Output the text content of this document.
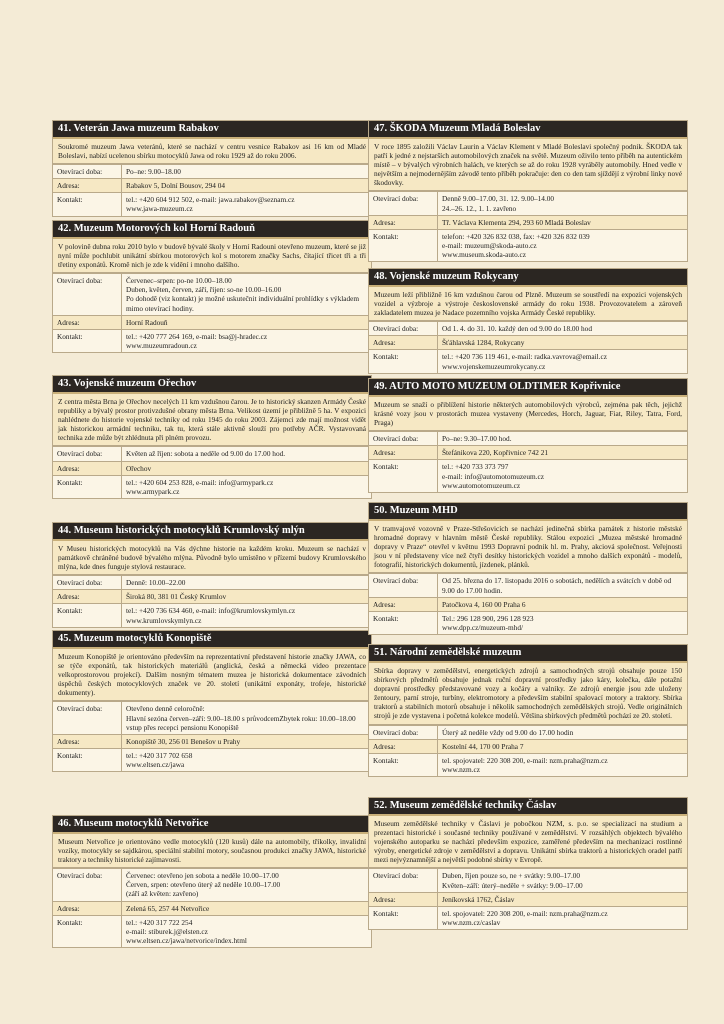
41. Veterán Jawa muzeum Rabakov
Soukromé muzeum Jawa veteránů, které se nachází v centru vesnice Rabakov asi 16 km od Mladé Boleslavi, nabízí ucelenou sbírku motocyklů Jawa od roku 1929 až do roku 2006.
Otevírací doba:	Po–ne: 9.00–18.00
Adresa:	Rabakov 5, Dolní Bousov, 294 04
Kontakt:	tel.: +420 604 912 502, e-mail: jawa.rabakov@seznam.cz
www.jawa-muzeum.cz
42. Muzeum Motorových kol Horní Radouň
V polovině dubna roku 2010 bylo v budově bývalé školy v Horní Radouni otevřeno muzeum, které se již nyní může pochlubit unikátní sbírkou motorových kol s motorem značky Sachs, čítající třicet tři a tři třetiny exponátů. Kromě nich je zde k vidění i mnoho dalšího.
Otevírací doba:	Červenec–srpen: po-ne 10.00–18.00
Duben, květen, červen, září, říjen: so-ne 10.00–16.00
Po dohodě (viz kontakt) je možné uskutečnit individuální prohlídky s výkladem mimo otevírací hodiny.
Adresa:	Horní Radouň
Kontakt:	tel.: +420 777 264 169, e-mail: bsa@j-hradec.cz
www.muzeumradoun.cz
43. Vojenské muzeum Ořechov
Z centra města Brna je Ořechov necelých 11 km vzdušnou čarou. Je to historický skanzen Armády České republiky a bývalý prostor protivzdušné obrany města Brna. Velikost území je přibližně 5 ha. V expozici nahlédnete do historie vojenské techniky od roku 1945 do roku 2003. Zájemci zde mají možnost vidět jak historickou armádní techniku, tak tu, která stále aktivně slouží pro potřeby AČR. Vystavovaná technika zde může být zhlédnuta při plném provozu.
Otevírací doba:	Květen až říjen: sobota a neděle od 9.00 do 17.00 hod.
Adresa:	Ořechov
Kontakt:	tel.: +420 604 253 828, e-mail: info@armypark.cz
www.armypark.cz
44. Museum historických motocyklů Krumlovský mlýn
V Museu historických motocyklů na Vás dýchne historie na každém kroku. Muzeum se nachází v památkově chráněné budově bývalého mlýna. Původně bylo umístěno v přízemí budovy Krumlovského mlýna, kde dnes funguje stylová restaurace.
Otevírací doba:	Denně: 10.00–22.00
Adresa:	Široká 80, 381 01 Český Krumlov
Kontakt:	tel.: +420 736 634 460, e-mail: info@krumlovskymlyn.cz
www.krumlovskymlyn.cz
45. Muzeum motocyklů Konopiště
Muzeum Konopiště je orientováno především na reprezentativní představení historie značky JAWA, co se týče exponátů, tak historických materiálů (anglická, česká a německá video prezentace velkoprostorovou projekcí). Dalším nosným tématem muzea je historická dokumentace závodních úspěchů českých motocyklových značek ve 20. století (unikátní exponáty, trofeje, historické dokumenty).
Otevírací doba:	Otevřeno denně celoročně:
Hlavní sezóna červen–září: 9.00–18.00 s průvodcemZbytek roku: 10.00–18.00 vstup přes recepci pensionu Konopiště
Adresa:	Konopiště 30, 256 01 Benešov u Prahy
Kontakt:	tel.: +420 317 702 658
www.eltsen.cz/jawa
46. Museum motocyklů Netvořice
Museum Netvořice je orientováno vedle motocyklů (120 kusů) dále na automobily, tříkolky, invalidní vozíky, motocykly se sajdkárou, speciální stabilní motory, současnou produkci značky JAWA, historické traktory a techniky historické zajímavosti.
Otevírací doba:	Červenec: otevřeno jen sobota a neděle 10.00–17.00
Červen, srpen: otevřeno úterý až neděle 10.00–17.00
(září až květen: zavřeno)
Adresa:	Zelená 65, 257 44 Netvořice
Kontakt:	tel.: +420 317 722 254
e-mail: stiburek.j@elsten.cz
www.eltsen.cz/jawa/netvorice/index.html
47. ŠKODA Muzeum Mladá Boleslav
V roce 1895 založili Václav Laurin a Václav Klement v Mladé Boleslavi společný podnik. ŠKODA tak patří k jedné z nejstarších automobilových značek na světě. Muzeum oživilo tento příběh na autentickém místě – v bývalých výrobních halách, ve kterých se až do roku 1928 vyráběly automobily. Hned vedle v největším a nejmodernějším závodě tento příběh pokračuje: den co den tam sjíždějí z výrobní linky nové škodovky.
Otevírací doba:	Denně 9.00–17.00, 31. 12. 9.00–14.00
24.–26. 12., 1. 1. zavřeno
Adresa:	Tř. Václava Klementa 294, 293 60 Mladá Boleslav
Kontakt:	telefon: +420 326 832 038, fax: +420 326 832 039
e-mail: muzeum@skoda-auto.cz
www.museum.skoda-auto.cz
48. Vojenské muzeum Rokycany
Muzeum leží přibližně 16 km vzdušnou čarou od Plzně. Muzeum se soustředí na expozici vojenských vozidel a výzbroje a výstroje československé armády do roku 1938. Provozovatelem a zároveň zakladatelem muzea je Nadace pozemního vojska Armády České republiky.
Otevírací doba:	Od 1. 4. do 31. 10. každý den od 9.00 do 18.00 hod
Adresa:	Šťáhlavská 1284, Rokycany
Kontakt:	tel.: +420 736 119 461, e-mail: radka.vavrova@email.cz
www.vojenskemuzeumrokycany.cz
49. AUTO MOTO MUZEUM OLDTIMER Kopřivnice
Muzeum se snaží o přiblížení historie některých automobilových výrobců, zejména pak těch, jejichž krásné vozy jsou v prostorách muzea vystaveny (Mercedes, Horch, Jaguar, Fiat, Riley, Tatra, Ford, Praga)
Otevírací doba:	Po–ne: 9.30–17.00 hod.
Adresa:	Štefánikova 220, Kopřivnice 742 21
Kontakt:	tel.: +420 733 373 797
e-mail: info@automotomuzeum.cz
www.automotomuzeum.cz
50. Muzeum MHD
V tramvajové vozovně v Praze-Střešovicích se nachází jedinečná sbírka památek z historie městské hromadné dopravy v hlavním městě České republiky. Stálou expozici „Muzea městské hromadné dopravy v Praze“ otevřel v květnu 1993 Dopravní podnik hl. m. Prahy, akciová společnost. Veřejnosti jsou v ní představeny více než čtyři desítky historických vozidel a mnoho dalších exponátů - modelů, fotografií, historických dokumentů, jízdenek, plánků.
Otevírací doba:	Od 25. března do 17. listopadu 2016 o sobotách, nedělích a svátcích v době od 9.00 do 17.00 hodin.
Adresa:	Patočkova 4, 160 00 Praha 6
Kontakt:	Tel.: 296 128 900, 296 128 923
www.dpp.cz/muzeum-mhd/
51. Národní zemědělské muzeum
Sbírka dopravy v zemědělství, energetických zdrojů a samochodných strojů obsahuje pouze 150 sbírkových předmětů obsahuje jednak ruční dopravní prostředky jako káry, kolečka, dále potažní dopravní prostředky představované vozy a kočáry a valníky. Ze zdrojů energie jsou zde uloženy žentoury, parní stroje, turbíny, elektromotory a především stabilní spalovací motory a traktory. Sbírka traktorů a stabilních motorů obsahuje i několik samochodných zemědělských strojů. Vedle originálních strojů je zde vystavena i početná kolekce modelů. Většina sbírkových předmětů pochází ze 20. století.
Otevírací doba:	Úterý až neděle vždy od 9.00 do 17.00 hodin
Adresa:	Kostelní 44, 170 00 Praha 7
Kontakt:	tel. spojovatel: 220 308 200, e-mail: nzm.praha@nzm.cz
www.nzm.cz
52. Museum zemědělské techniky Čáslav
Museum zemědělské techniky v Čáslavi je pobočkou NZM, s. p.o. se specializací na studium a prezentaci historické i současné techniky používané v zemědělství. V rozsáhlých objektech bývalého vojenského autoparku se nachází především expozice, zaměřené především na mechanizaci rostlinné výroby, energetické zdroje v zemědělství a dopravu. Unikátní sbírka traktorů a historických oradel patří mezi nejvýznamnější a největší podobné sbírky v Evropě.
Otevírací doba:	Duben, říjen pouze so, ne + svátky: 9.00–17.00
Květen–září: úterý–neděle + svátky: 9.00–17.00
Adresa:	Jeníkovská 1762, Čáslav
Kontakt:	tel. spojovatel: 220 308 200, e-mail: nzm.praha@nzm.cz
www.nzm.cz/caslav
